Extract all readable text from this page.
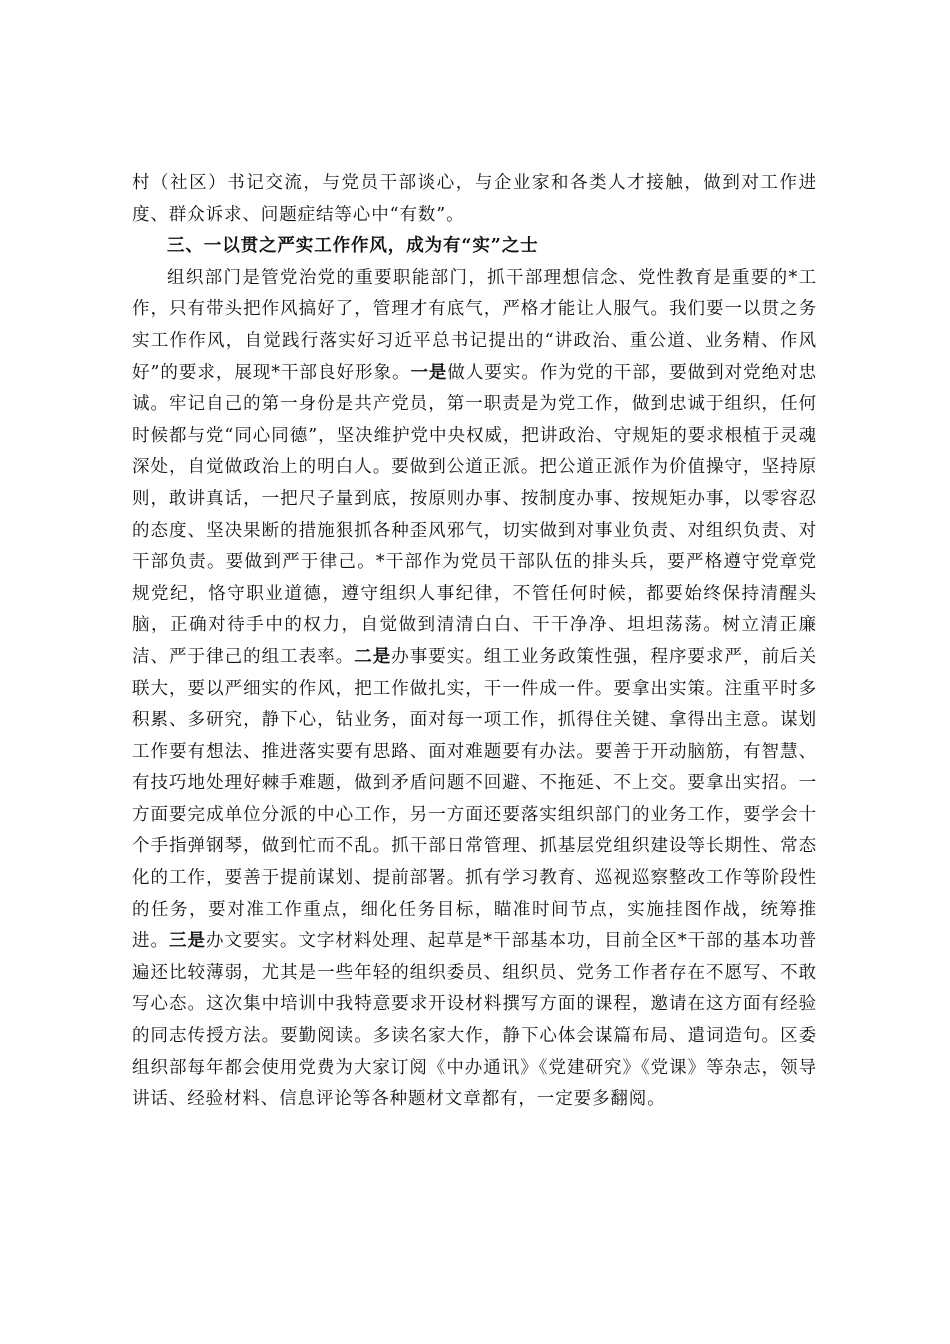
村（社区）书记交流，与党员干部谈心，与企业家和各类人才接触，做到对工作进度、群众诉求、问题症结等心中“有数”。

三、一以贯之严实工作作风，成为有“实”之士

组织部门是管党治党的重要职能部门，抓干部理想信念、党性教育是重要的*工作，只有带头把作风搞好了，管理才有底气，严格才能让人服气。我们要一以贯之务实工作作风，自觉践行落实好习近平总书记提出的“讲政治、重公道、业务精、作风好”的要求，展现*干部良好形象。一是做人要实。作为党的干部，要做到对党绝对忠诚。牢记自己的第一身份是共产党员，第一职责是为党工作，做到忠诚于组织，任何时候都与党“同心同德”，坚决维护党中央权威，把讲政治、守规矩的要求根植于灵魂深处，自觉做政治上的明白人。要做到公道正派。把公道正派作为价值操守，坚持原则，敢讲真话，一把尺子量到底，按原则办事、按制度办事、按规矩办事，以零容忍的态度、坚决果断的措施狠抓各种歪风邪气，切实做到对事业负责、对组织负责、对干部负责。要做到严于律己。*干部作为党员干部队伍的排头兵，要严格遵守党章党规党纪，恪守职业道德，遵守组织人事纪律，不管任何时候，都要始终保持清醒头脑，正确对待手中的权力，自觉做到清清白白、干干净净、坦坦荡荡。树立清正廉洁、严于律己的组工表率。二是办事要实。组工业务政策性强，程序要求严，前后关联大，要以严细实的作风，把工作做扎实，干一件成一件。要拿出实策。注重平时多积累、多研究，静下心，钻业务，面对每一项工作，抓得住关键、拿得出主意。谋划工作要有想法、推进落实要有思路、面对难题要有办法。要善于开动脑筋，有智慧、有技巧地处理好棘手难题，做到矛盾问题不回避、不拖延、不上交。要拿出实招。一方面要完成单位分派的中心工作，另一方面还要落实组织部门的业务工作，要学会十个手指弹钢琴，做到忙而不乱。抓干部日常管理、抓基层党组织建设等长期性、常态化的工作，要善于提前谋划、提前部署。抓有学习教育、巡视巡察整改工作等阶段性的任务，要对准工作重点，细化任务目标，瞄准时间节点，实施挂图作战，统筹推进。三是办文要实。文字材料处理、起草是*干部基本功，目前全区*干部的基本功普遍还比较薄弱，尤其是一些年轻的组织委员、组织员、党务工作者存在不愿写、不敢写心态。这次集中培训中我特意要求开设材料撰写方面的课程，邀请在这方面有经验的同志传授方法。要勤阅读。多读名家大作，静下心体会谋篇布局、遣词造句。区委组织部每年都会使用党费为大家订阅《中办通讯》《党建研究》《党课》等杂志，领导讲话、经验材料、信息评论等各种题材文章都有，一定要多翻阅。
